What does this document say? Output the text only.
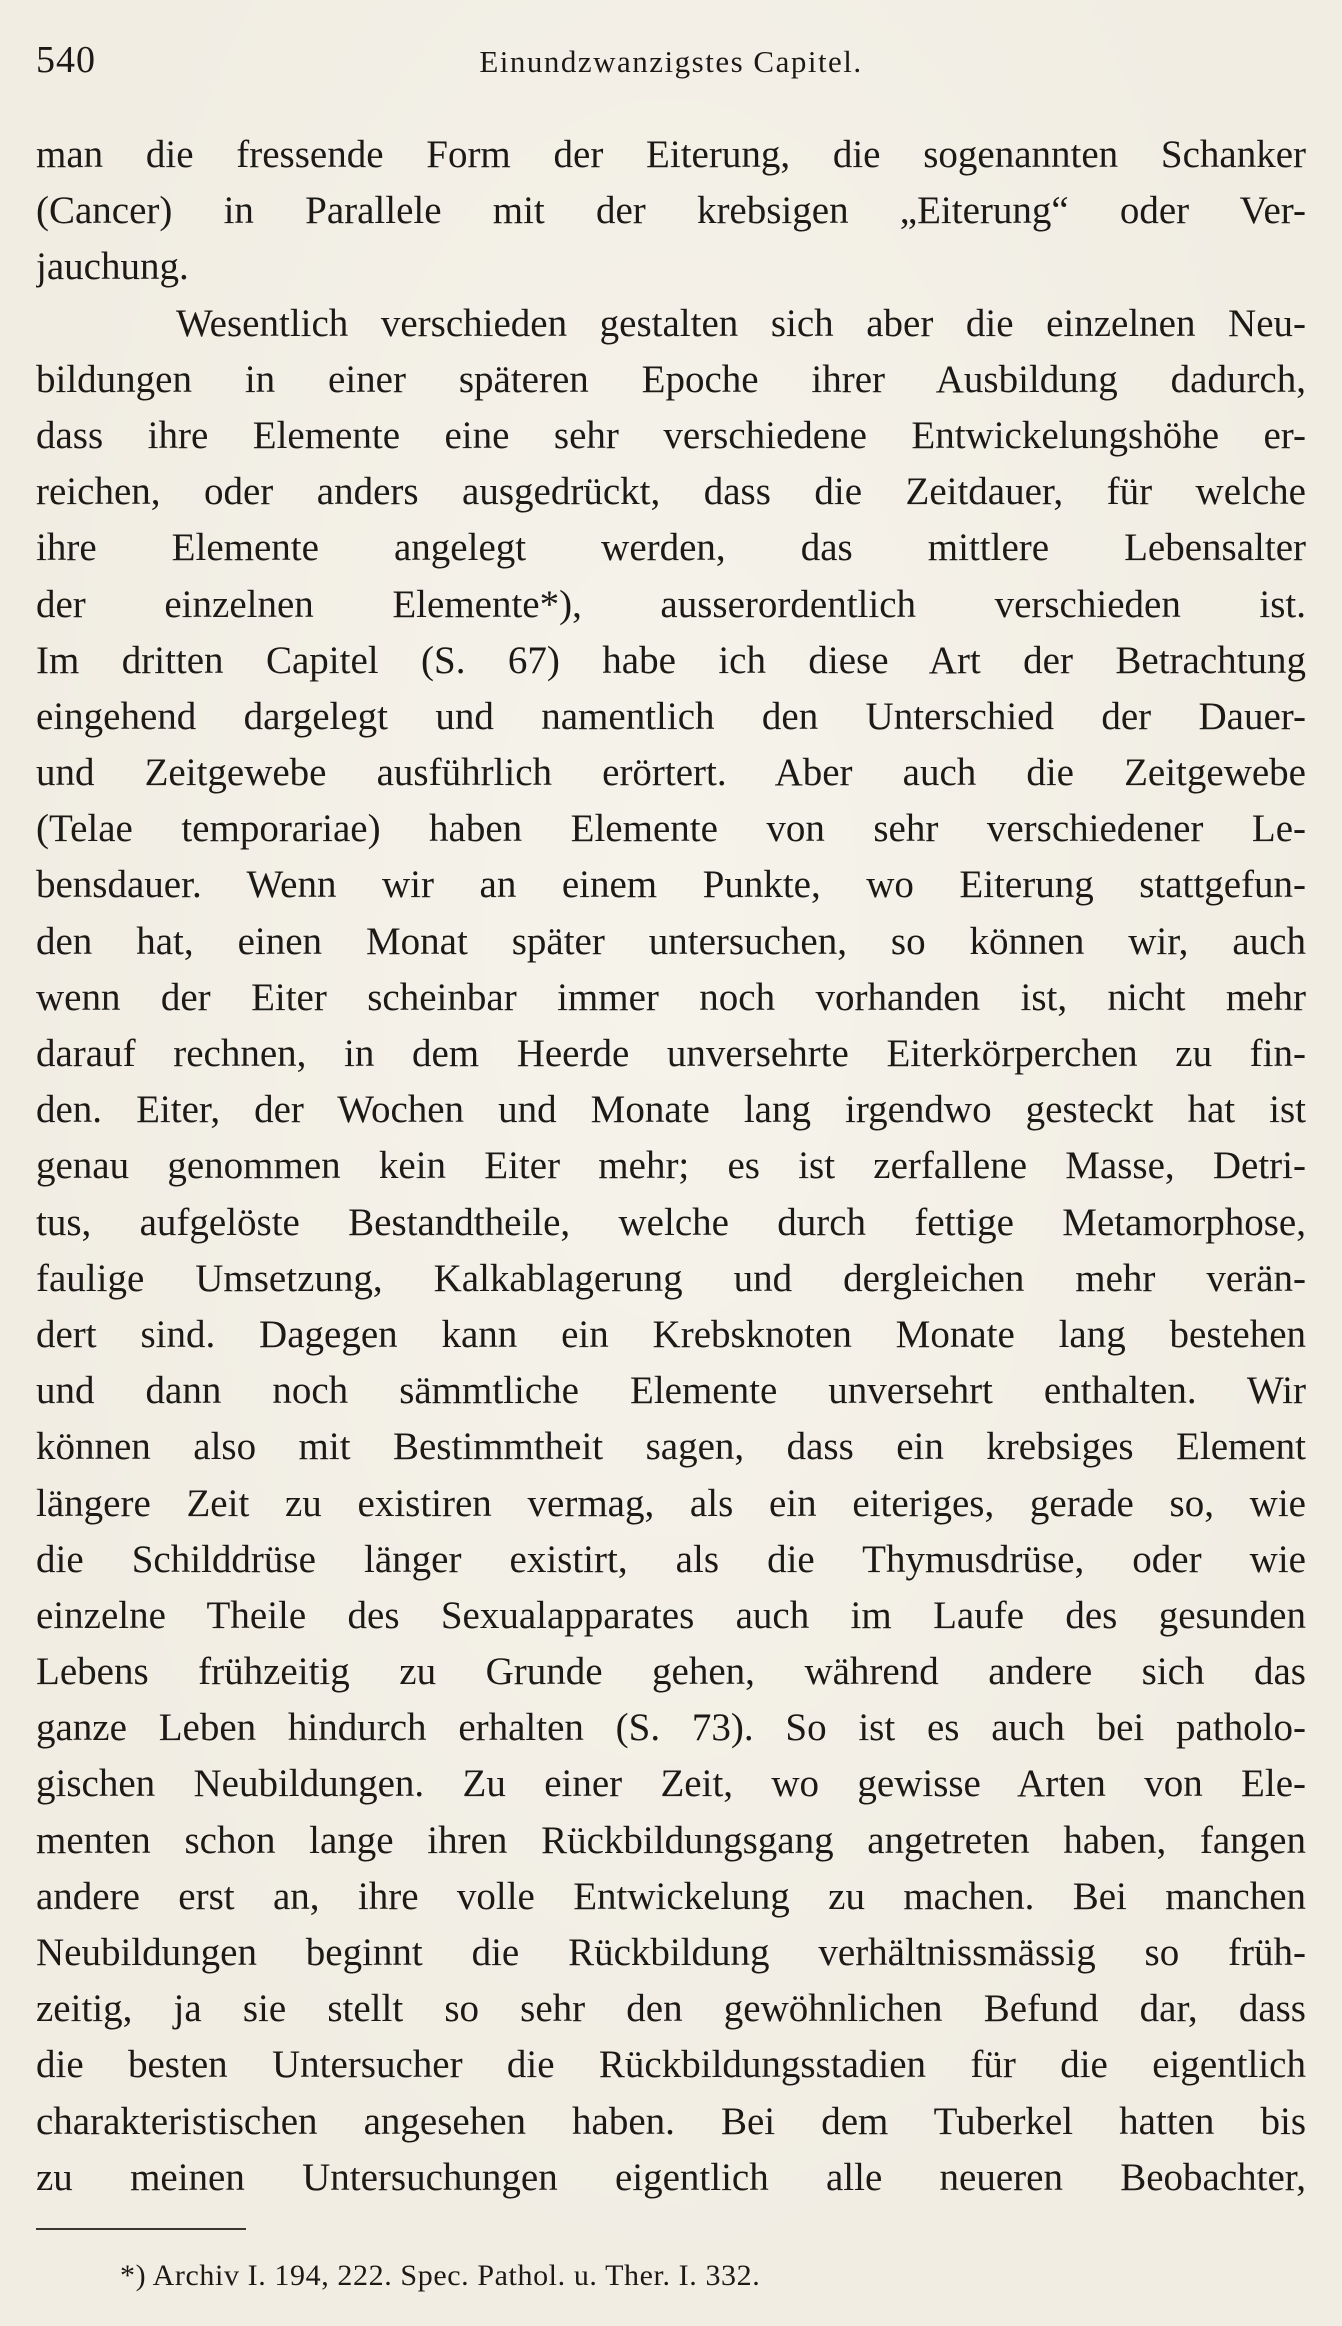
540	Einundzwanzigstes Capitel.
man die fressende Form der Eiterung, die sogenannten Schanker
(Cancer) in Parallele mit der krebsigen „Eiterung“ oder Ver-
jauchung.
Wesentlich verschieden gestalten sich aber die einzelnen Neu-
bildungen in einer späteren Epoche ihrer Ausbildung dadurch,
dass ihre Elemente eine sehr verschiedene Entwickelungshöhe er-
reichen, oder anders ausgedrückt, dass die Zeitdauer, für welche
ihre Elemente angelegt werden, das mittlere Lebensalter
der einzelnen Elemente*), ausserordentlich verschieden ist.
Im dritten Capitel (S. 67) habe ich diese Art der Betrachtung
eingehend dargelegt und namentlich den Unterschied der Dauer-
und Zeitgewebe ausführlich erörtert. Aber auch die Zeitgewebe
(Telae temporariae) haben Elemente von sehr verschiedener Le-
bensdauer. Wenn wir an einem Punkte, wo Eiterung stattgefun-
den hat, einen Monat später untersuchen, so können wir, auch
wenn der Eiter scheinbar immer noch vorhanden ist, nicht mehr
darauf rechnen, in dem Heerde unversehrte Eiterkörperchen zu fin-
den. Eiter, der Wochen und Monate lang irgendwo gesteckt hat ist
genau genommen kein Eiter mehr; es ist zerfallene Masse, Detri-
tus, aufgelöste Bestandtheile, welche durch fettige Metamorphose,
faulige Umsetzung, Kalkablagerung und dergleichen mehr verän-
dert sind. Dagegen kann ein Krebsknoten Monate lang bestehen
und dann noch sämmtliche Elemente unversehrt enthalten. Wir
können also mit Bestimmtheit sagen, dass ein krebsiges Element
längere Zeit zu existiren vermag, als ein eiteriges, gerade so, wie
die Schilddrüse länger existirt, als die Thymusdrüse, oder wie
einzelne Theile des Sexualapparates auch im Laufe des gesunden
Lebens frühzeitig zu Grunde gehen, während andere sich das
ganze Leben hindurch erhalten (S. 73). So ist es auch bei patholo-
gischen Neubildungen. Zu einer Zeit, wo gewisse Arten von Ele-
menten schon lange ihren Rückbildungsgang angetreten haben, fangen
andere erst an, ihre volle Entwickelung zu machen. Bei manchen
Neubildungen beginnt die Rückbildung verhältnissmässig so früh-
zeitig, ja sie stellt so sehr den gewöhnlichen Befund dar, dass
die besten Untersucher die Rückbildungsstadien für die eigentlich
charakteristischen angesehen haben. Bei dem Tuberkel hatten bis
zu meinen Untersuchungen eigentlich alle neueren Beobachter,
*) Archiv I. 194, 222. Spec. Pathol. u. Ther. I. 332.
